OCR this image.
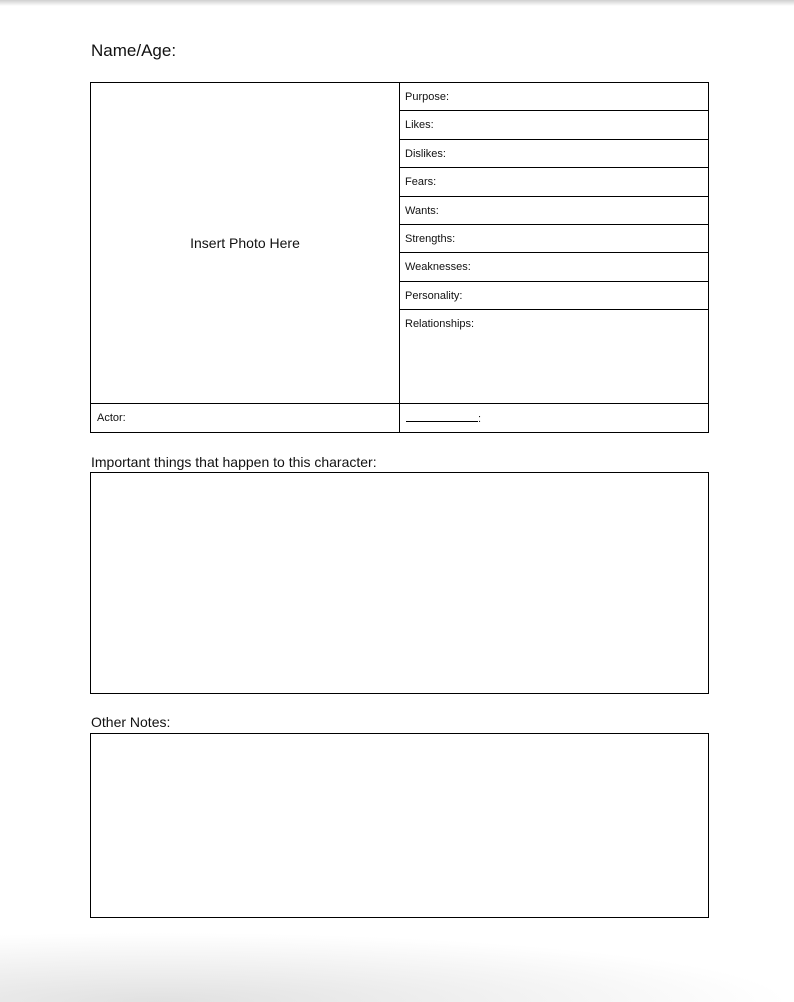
Name/Age:
Insert Photo Here	Purpose:
	Likes:
	Dislikes:
	Fears:
	Wants:
	Strengths:
	Weaknesses:
	Personality:
	Relationships:
Actor:	:
Important things that happen to this character:
Other Notes:
